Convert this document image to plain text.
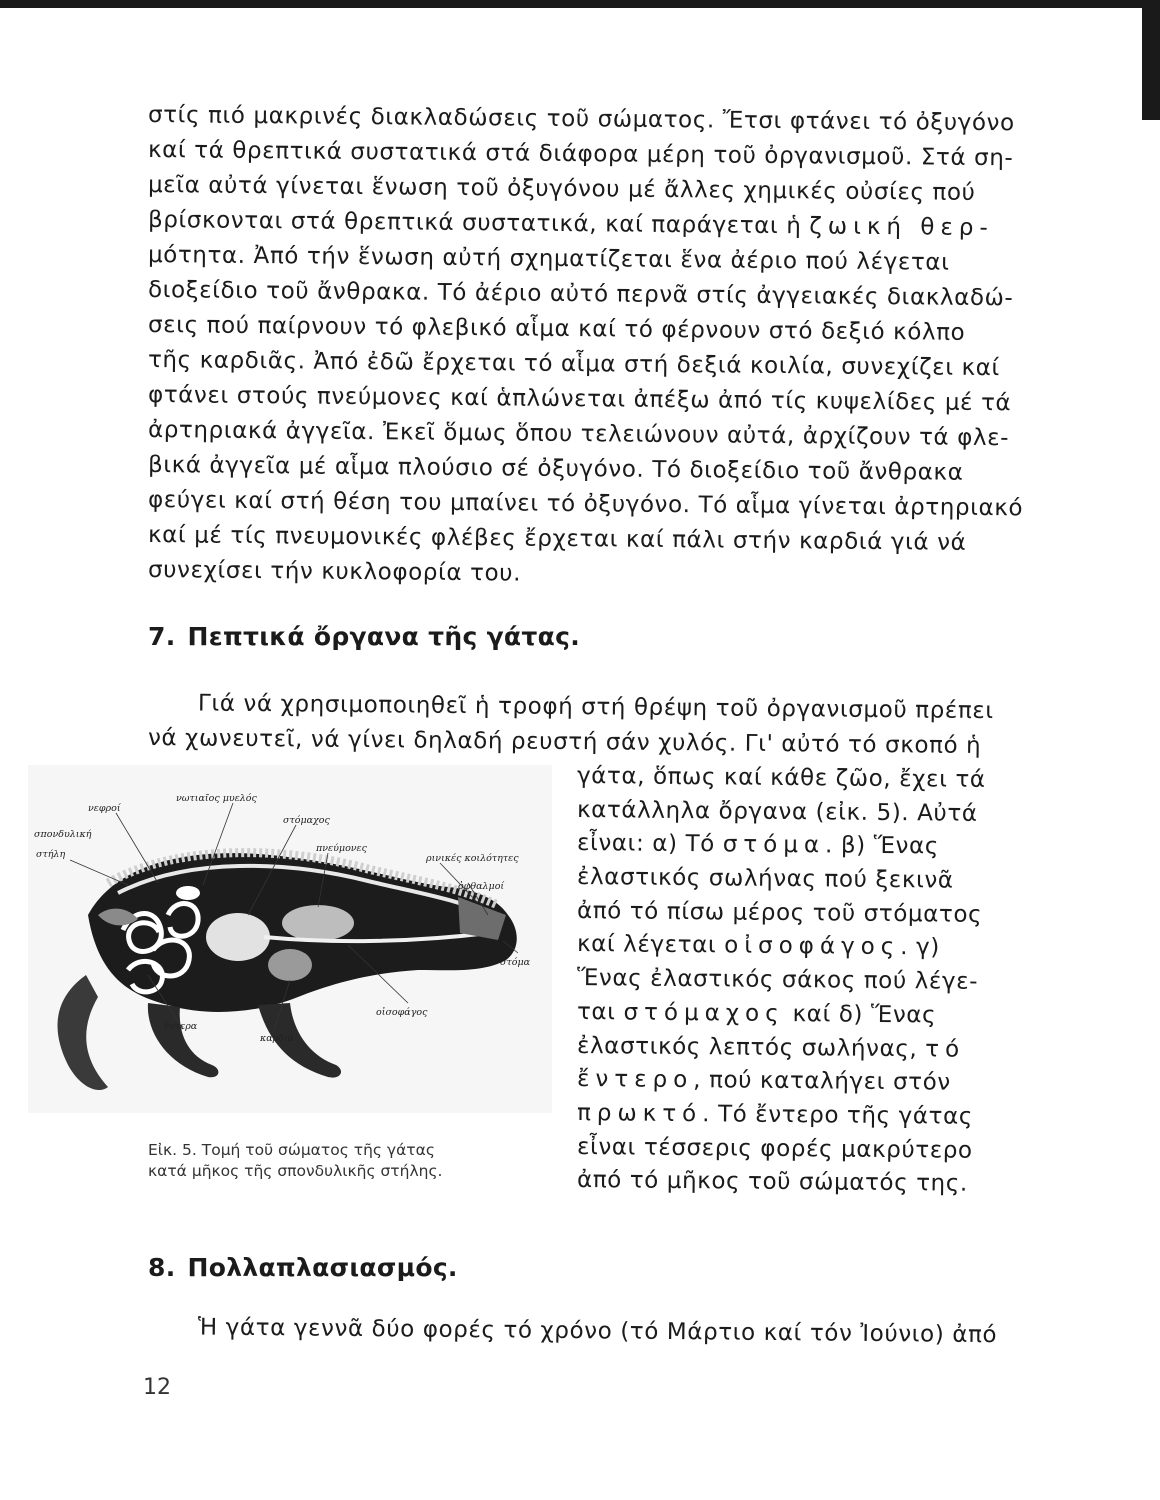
στίς πιό μακρινές διακλαδώσεις τοῦ σώματος. Ἔτσι φτάνει τό ὀξυγόνο
καί τά θρεπτικά συστατικά στά διάφορα μέρη τοῦ ὀργανισμοῦ. Στά ση-
μεῖα αὐτά γίνεται ἕνωση τοῦ ὀξυγόνου μέ ἄλλες χημικές οὐσίες πού
βρίσκονται στά θρεπτικά συστατικά, καί παράγεται ἡ ζωική θερ-
μότητα. Ἀπό τήν ἕνωση αὐτή σχηματίζεται ἕνα ἀέριο πού λέγεται
διοξείδιο τοῦ ἄνθρακα. Τό ἀέριο αὐτό περνᾶ στίς ἀγγειακές διακλαδώ-
σεις πού παίρνουν τό φλεβικό αἷμα καί τό φέρνουν στό δεξιό κόλπο
τῆς καρδιᾶς. Ἀπό ἐδῶ ἔρχεται τό αἷμα στή δεξιά κοιλία, συνεχίζει καί
φτάνει στούς πνεύμονες καί ἁπλώνεται ἀπέξω ἀπό τίς κυψελίδες μέ τά
ἀρτηριακά ἀγγεῖα. Ἐκεῖ ὅμως ὅπου τελειώνουν αὐτά, ἀρχίζουν τά φλε-
βικά ἀγγεῖα μέ αἷμα πλούσιο σέ ὀξυγόνο. Τό διοξείδιο τοῦ ἄνθρακα
φεύγει καί στή θέση του μπαίνει τό ὀξυγόνο. Τό αἷμα γίνεται ἀρτηριακό
καί μέ τίς πνευμονικές φλέβες ἔρχεται καί πάλι στήν καρδιά γιά νά
συνεχίσει τήν κυκλοφορία του.
7. Πεπτικά ὄργανα τῆς γάτας.
Γιά νά χρησιμοποιηθεῖ ἡ τροφή στή θρέψη τοῦ ὀργανισμοῦ πρέπει
νά χωνευτεῖ, νά γίνει δηλαδή ρευστή σάν χυλός. Γι' αὐτό τό σκοπό ἡ
νεφροί
νωτιαῖος μυελός
στόμαχος
σπονδυλική
στήλη
πνεύμονες
ρινικές κοιλότητες
ὀφθαλμοί
στόμα
οἰσοφάγος
ἔντερα
καρδιά
Εἰκ. 5. Τομή τοῦ σώματος τῆς γάτας
κατά μῆκος τῆς σπονδυλικῆς στήλης.
γάτα, ὅπως καί κάθε ζῶο, ἔχει τά
κατάλληλα ὄργανα (εἰκ. 5). Αὐτά
εἶναι: α) Τό στόμα. β) Ἕνας
ἐλαστικός σωλήνας πού ξεκινᾶ
ἀπό τό πίσω μέρος τοῦ στόματος
καί λέγεται οἰσοφάγος. γ)
Ἕνας ἐλαστικός σάκος πού λέγε-
ται στόμαχος καί δ) Ἕνας
ἐλαστικός λεπτός σωλήνας, τό
ἔντερο, πού καταλήγει στόν
πρωκτό. Τό ἔντερο τῆς γάτας
εἶναι τέσσερις φορές μακρύτερο
ἀπό τό μῆκος τοῦ σώματός της.
8. Πολλαπλασιασμός.
Ἡ γάτα γεννᾶ δύο φορές τό χρόνο (τό Μάρτιο καί τόν Ἰούνιο) ἀπό
12
